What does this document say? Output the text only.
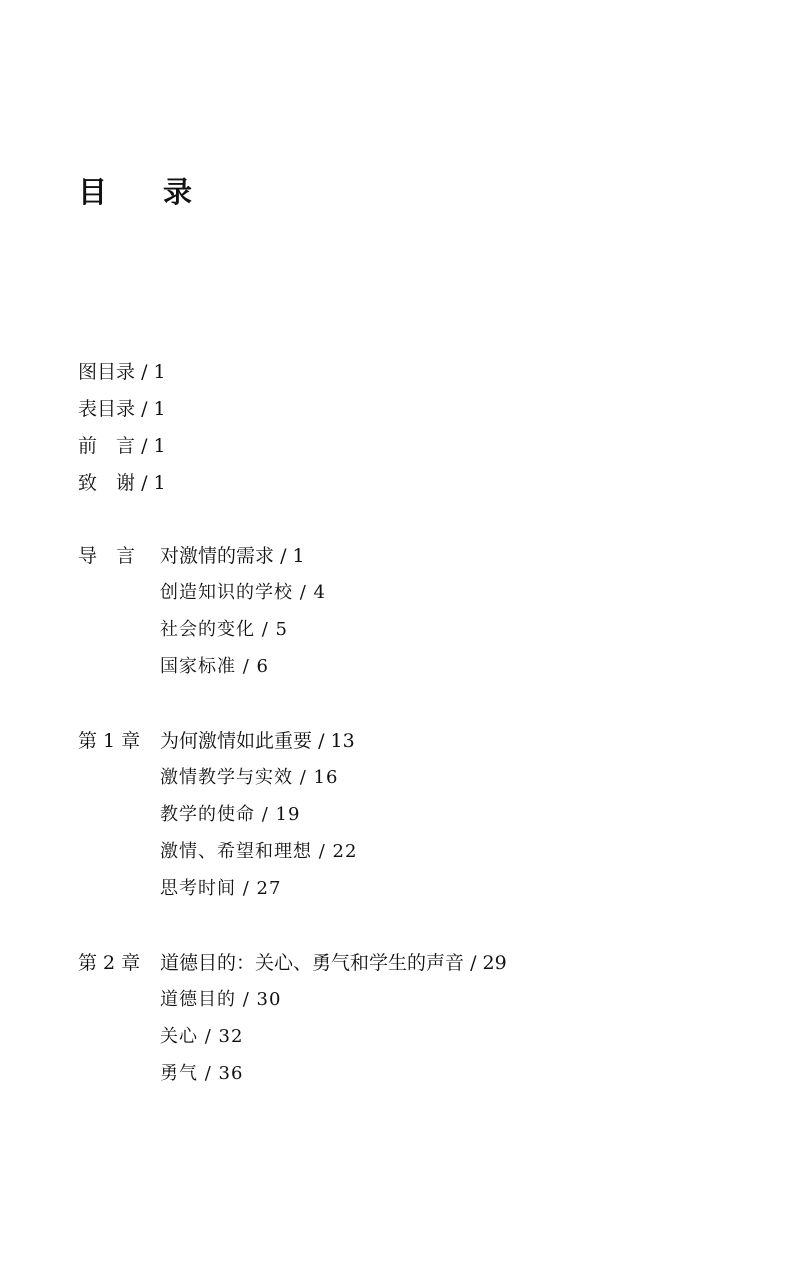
目 录
图目录 / 1
表目录 / 1
前　言 / 1
致　谢 / 1
导　言 对激情的需求 / 1
创造知识的学校 / 4
社会的变化 / 5
国家标准 / 6
第 1 章 为何激情如此重要 / 13
激情教学与实效 / 16
教学的使命 / 19
激情、希望和理想 / 22
思考时间 / 27
第 2 章 道德目的：关心、勇气和学生的声音 / 29
道德目的 / 30
关心 / 32
勇气 / 36
